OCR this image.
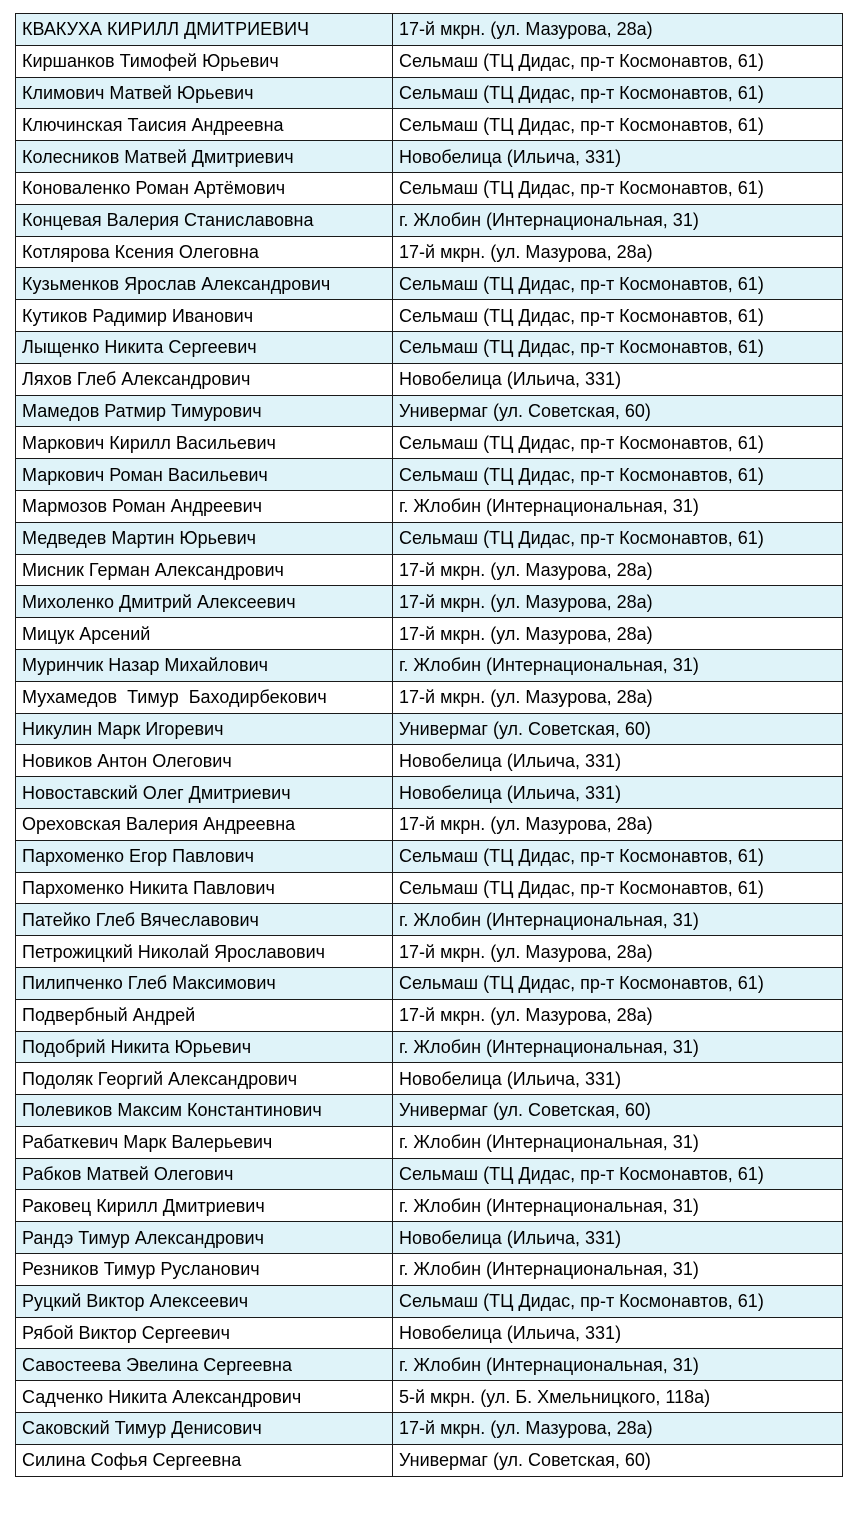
КВАКУХА КИРИЛЛ ДМИТРИЕВИЧ	17-й мкрн. (ул. Мазурова, 28а)
Киршанков Тимофей Юрьевич	Сельмаш (ТЦ Дидас, пр-т Космонавтов, 61)
Климович Матвей Юрьевич	Сельмаш (ТЦ Дидас, пр-т Космонавтов, 61)
Ключинская Таисия Андреевна	Сельмаш (ТЦ Дидас, пр-т Космонавтов, 61)
Колесников Матвей Дмитриевич	Новобелица (Ильича, 331)
Коноваленко Роман Артёмович	Сельмаш (ТЦ Дидас, пр-т Космонавтов, 61)
Концевая Валерия Станиславовна	г. Жлобин (Интернациональная, 31)
Котлярова Ксения Олеговна	17-й мкрн. (ул. Мазурова, 28а)
Кузьменков Ярослав Александрович	Сельмаш (ТЦ Дидас, пр-т Космонавтов, 61)
Кутиков Радимир Иванович	Сельмаш (ТЦ Дидас, пр-т Космонавтов, 61)
Лыщенко Никита Сергеевич	Сельмаш (ТЦ Дидас, пр-т Космонавтов, 61)
Ляхов Глеб Александрович	Новобелица (Ильича, 331)
Мамедов Ратмир Тимурович	Универмаг (ул. Советская, 60)
Маркович Кирилл Васильевич	Сельмаш (ТЦ Дидас, пр-т Космонавтов, 61)
Маркович Роман Васильевич	Сельмаш (ТЦ Дидас, пр-т Космонавтов, 61)
Мармозов Роман Андреевич	г. Жлобин (Интернациональная, 31)
Медведев Мартин Юрьевич	Сельмаш (ТЦ Дидас, пр-т Космонавтов, 61)
Мисник Герман Александрович	17-й мкрн. (ул. Мазурова, 28а)
Михоленко Дмитрий Алексеевич	17-й мкрн. (ул. Мазурова, 28а)
Мицук Арсений	17-й мкрн. (ул. Мазурова, 28а)
Муринчик Назар Михайлович	г. Жлобин (Интернациональная, 31)
Мухамедов  Тимур  Баходирбекович	17-й мкрн. (ул. Мазурова, 28а)
Никулин Марк Игоревич	Универмаг (ул. Советская, 60)
Новиков Антон Олегович	Новобелица (Ильича, 331)
Новоставский Олег Дмитриевич	Новобелица (Ильича, 331)
Ореховская Валерия Андреевна	17-й мкрн. (ул. Мазурова, 28а)
Пархоменко Егор Павлович	Сельмаш (ТЦ Дидас, пр-т Космонавтов, 61)
Пархоменко Никита Павлович	Сельмаш (ТЦ Дидас, пр-т Космонавтов, 61)
Патейко Глеб Вячеславович	г. Жлобин (Интернациональная, 31)
Петрожицкий Николай Ярославович	17-й мкрн. (ул. Мазурова, 28а)
Пилипченко Глеб Максимович	Сельмаш (ТЦ Дидас, пр-т Космонавтов, 61)
Подвербный Андрей	17-й мкрн. (ул. Мазурова, 28а)
Подобрий Никита Юрьевич	г. Жлобин (Интернациональная, 31)
Подоляк Георгий Александрович	Новобелица (Ильича, 331)
Полевиков Максим Константинович	Универмаг (ул. Советская, 60)
Рабаткевич Марк Валерьевич	г. Жлобин (Интернациональная, 31)
Рабков Матвей Олегович	Сельмаш (ТЦ Дидас, пр-т Космонавтов, 61)
Раковец Кирилл Дмитриевич	г. Жлобин (Интернациональная, 31)
Рандэ Тимур Александрович	Новобелица (Ильича, 331)
Резников Тимур Русланович	г. Жлобин (Интернациональная, 31)
Руцкий Виктор Алексеевич	Сельмаш (ТЦ Дидас, пр-т Космонавтов, 61)
Рябой Виктор Сергеевич	Новобелица (Ильича, 331)
Савостеева Эвелина Сергеевна	г. Жлобин (Интернациональная, 31)
Садченко Никита Александрович	5-й мкрн. (ул. Б. Хмельницкого, 118а)
Саковский Тимур Денисович	17-й мкрн. (ул. Мазурова, 28а)
Силина Софья Сергеевна	Универмаг (ул. Советская, 60)
